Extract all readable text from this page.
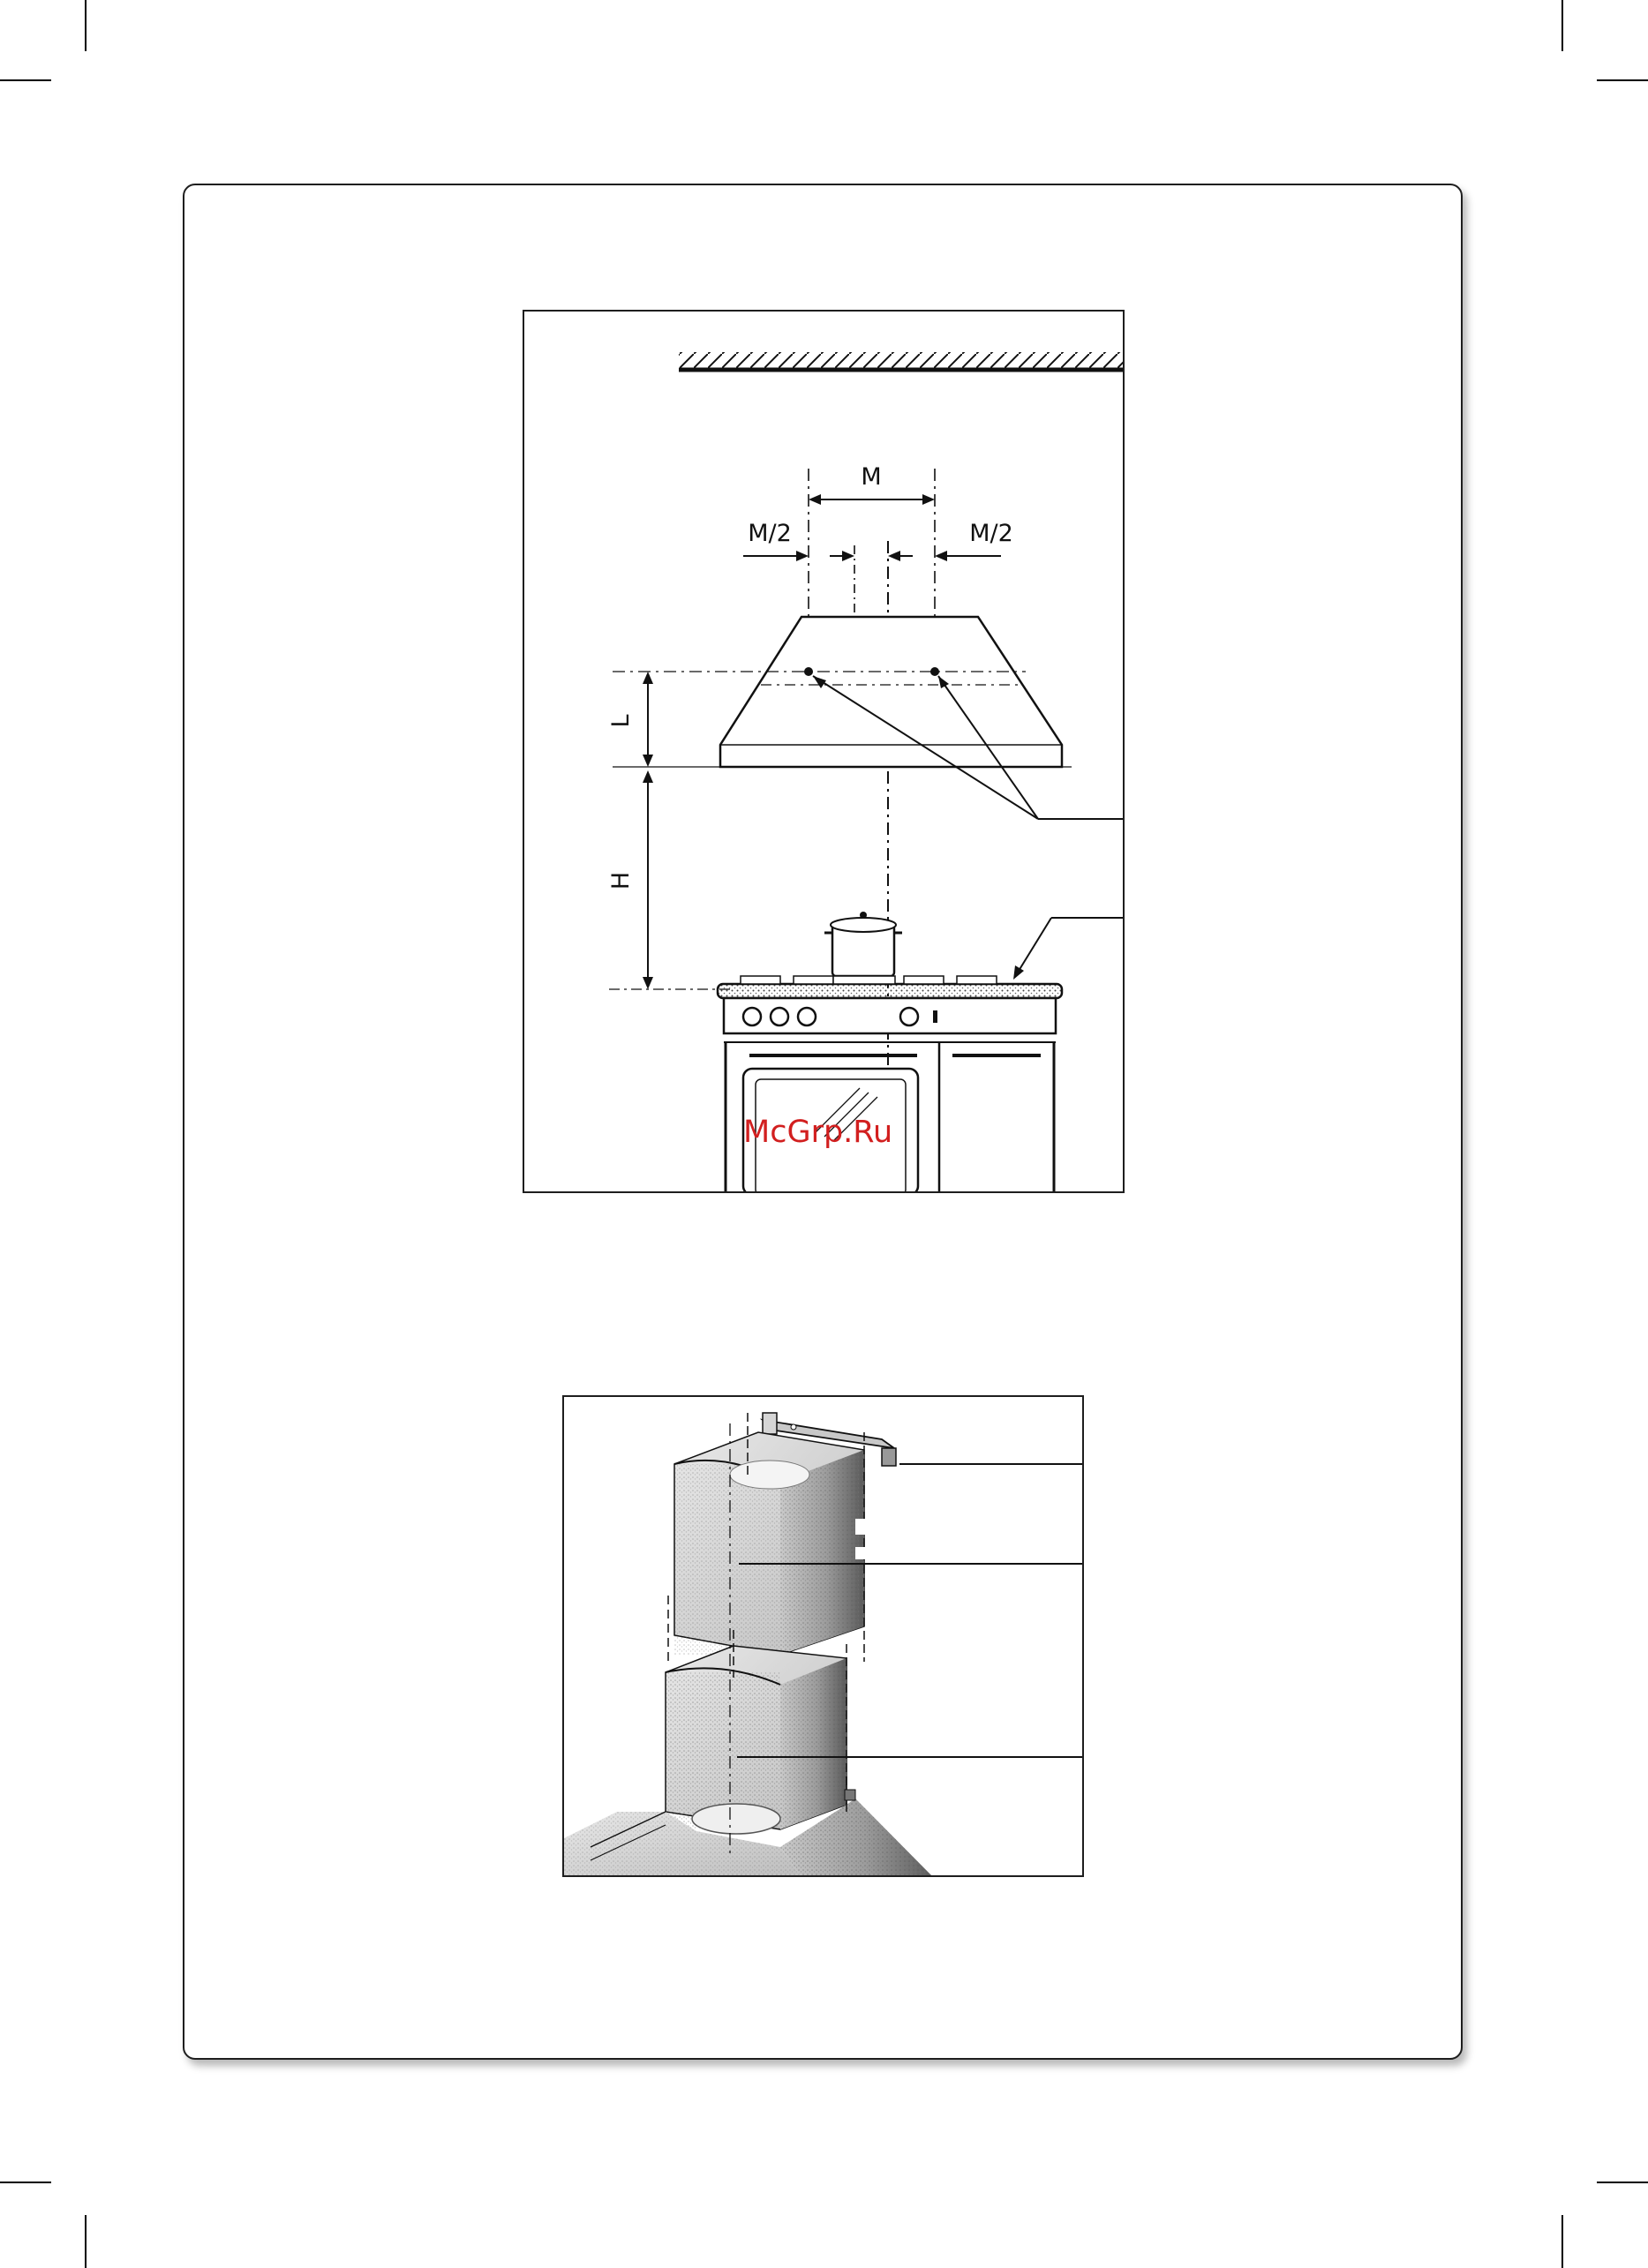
M
M/2	M/2
L
H
McGrp.Ru
